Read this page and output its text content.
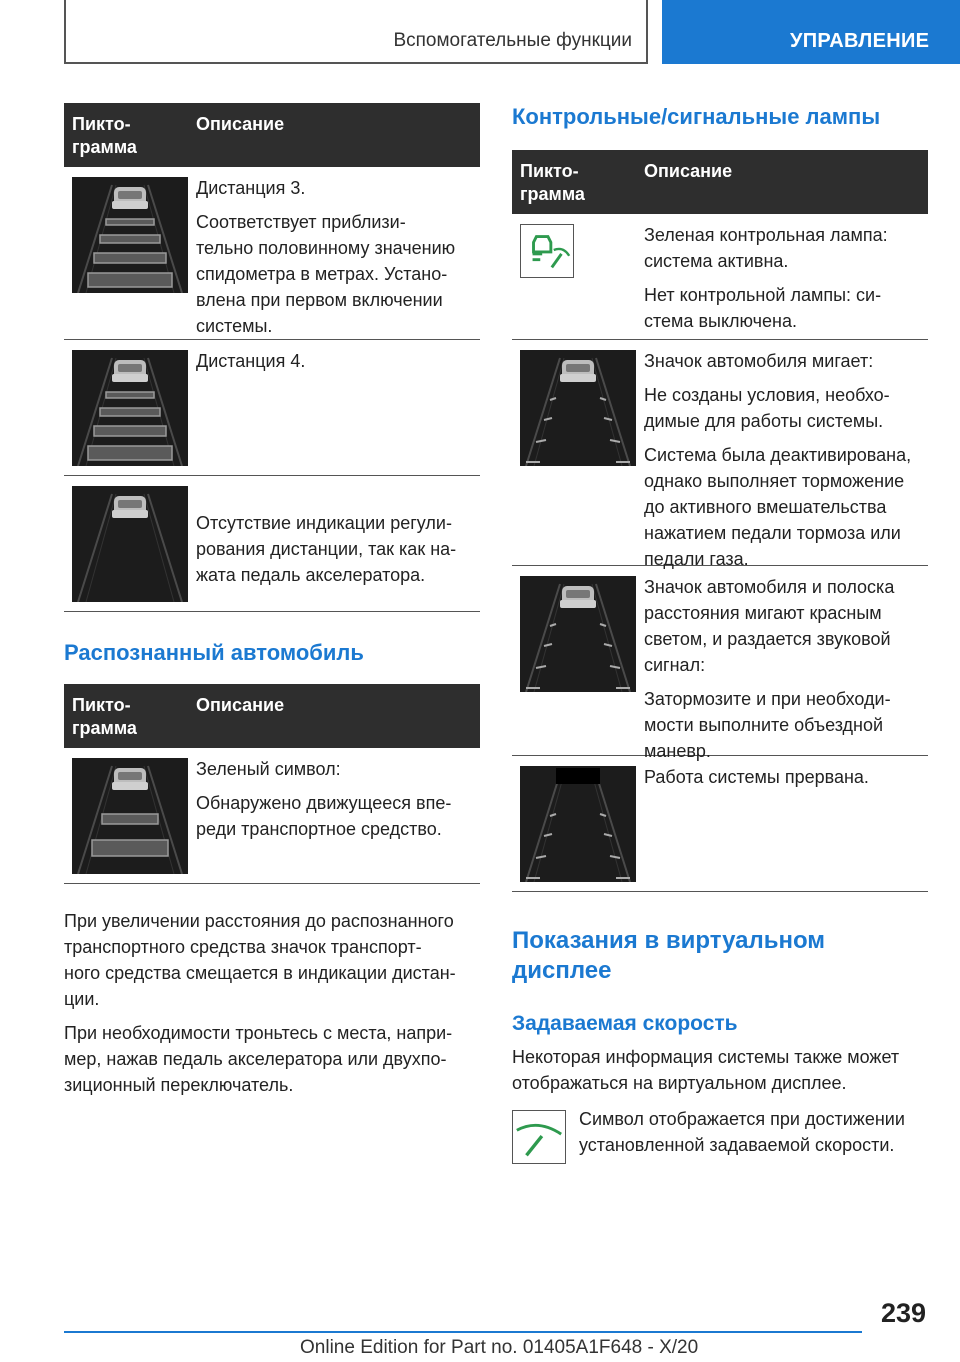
Вспомогательные функции	УПРАВЛЕНИЕ
Пикто-
грамма
Описание

Дистанция 3.

Соответствует приблизи-
тельно половинному значению
спидометра в метрах. Устано-
влена при первом включении
системы.

Дистанция 4.

Отсутствие индикации регули-
рования дистанции, так как на-
жата педаль акселератора.

Распознанный автомобиль
Пикто-
грамма
Описание

Зеленый символ:

Обнаружено движущееся впе-
реди транспортное средство.

При увеличении расстояния до распознанного
транспортного средства значок транспорт-
ного средства смещается в индикации дистан-
ции.

При необходимости троньтесь с места, напри-
мер, нажав педаль акселератора или двухпо-
зиционный переключатель.

Контрольные/сигнальные лампы
Пикто-
грамма
Описание

Зеленая контрольная лампа:
система активна.

Нет контрольной лампы: си-
стема выключена.

Значок автомобиля мигает:

Не созданы условия, необхо-
димые для работы системы.

Система была деактивирована,
однако выполняет торможение
до активного вмешательства
нажатием педали тормоза или
педали газа.

Значок автомобиля и полоска
расстояния мигают красным
светом, и раздается звуковой
сигнал:

Затормозите и при необходи-
мости выполните объездной
маневр.

Работа системы прервана.

Показания в виртуальном
дисплее
Задаваемая скорость
Некоторая информация системы также может
отображаться на виртуальном дисплее.
Символ отображается при достижении
установленной задаваемой скорости.
239
Online Edition for Part no. 01405A1F648 - X/20
